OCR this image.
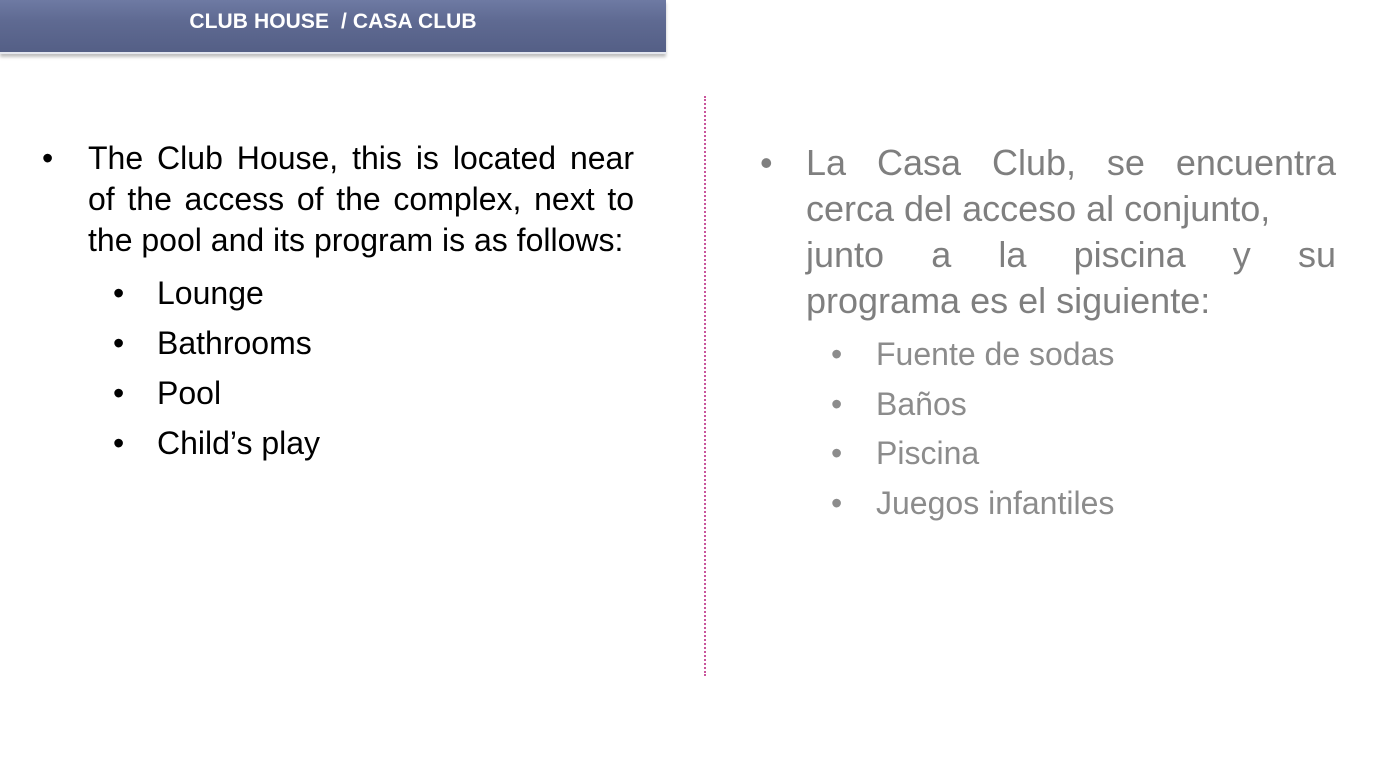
CLUB HOUSE  / CASA CLUB
• The Club House, this is located near of the access of the complex, next to the pool and its program is as follows:
• Lounge
• Bathrooms
• Pool
• Child’s play
• La Casa Club, se encuentra cerca del acceso al conjunto,
junto a la piscina y su
programa es el siguiente:
• Fuente de sodas
• Baños
• Piscina
• Juegos infantiles
